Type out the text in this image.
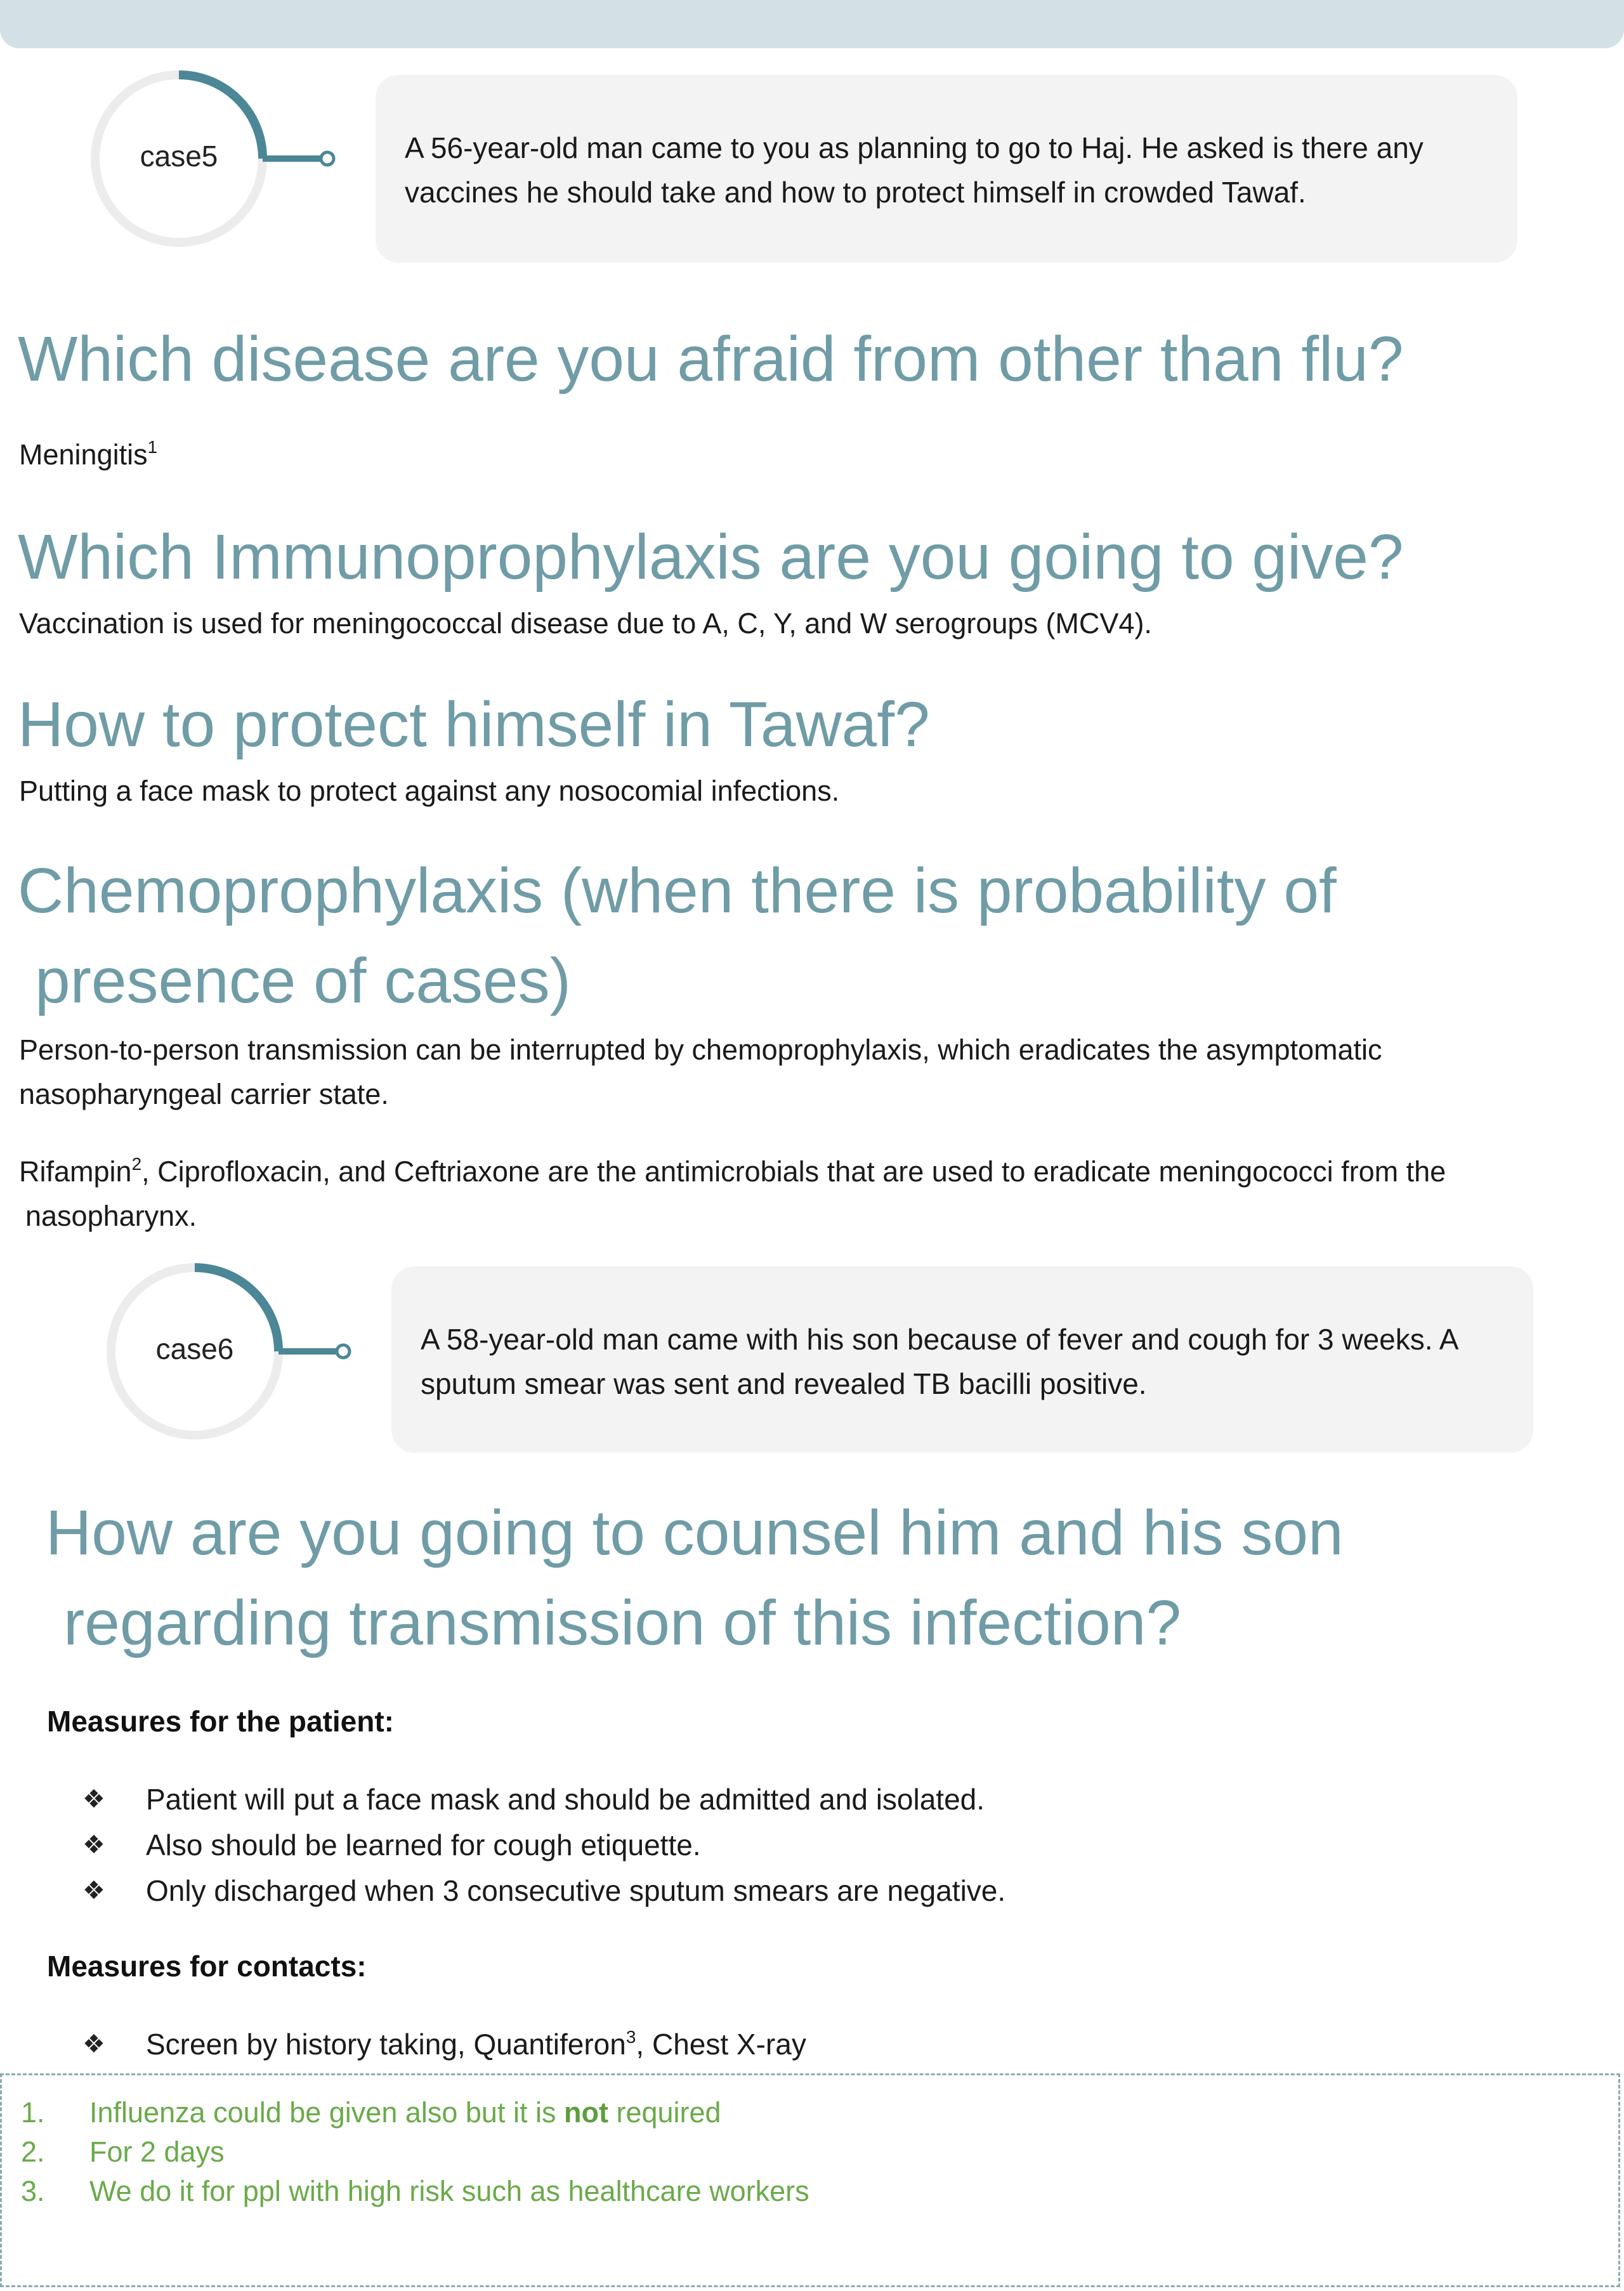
case5	A 56-year-old man came to you as planning to go to Haj. He asked is there any
vaccines he should take and how to protect himself in crowded Tawaf.
Which disease are you afraid from other than flu?

Meningitis$^1$

Which Immunoprophylaxis are you going to give?

Vaccination is used for meningococcal disease due to A, C, Y, and W serogroups (MCV4).

How to protect himself in Tawaf?

Putting a face mask to protect against any nosocomial infections.

Chemoprophylaxis (when there is probability of
presence of cases)

Person-to-person transmission can be interrupted by chemoprophylaxis, which eradicates the asymptomatic

nasopharyngeal carrier state.

Rifampin$^2$, Ciprofloxacin, and Ceftriaxone are the antimicrobials that are used to eradicate meningococci from the

nasopharynx.

case6	A 58-year-old man came with his son because of fever and cough for 3 weeks. A
sputum smear was sent and revealed TB bacilli positive.
How are you going to counsel him and his son
regarding transmission of this infection?

Measures for the patient:

❖	Patient will put a face mask and should be admitted and isolated.
❖	Also should be learned for cough etiquette.
❖	Only discharged when 3 consecutive sputum smears are negative.

Measures for contacts:

❖	Screen by history taking, Quantiferon$^3$, Chest X-ray
1.	Influenza could be given also but it is not required
2.	For 2 days
3.	We do it for ppl with high risk such as healthcare workers
